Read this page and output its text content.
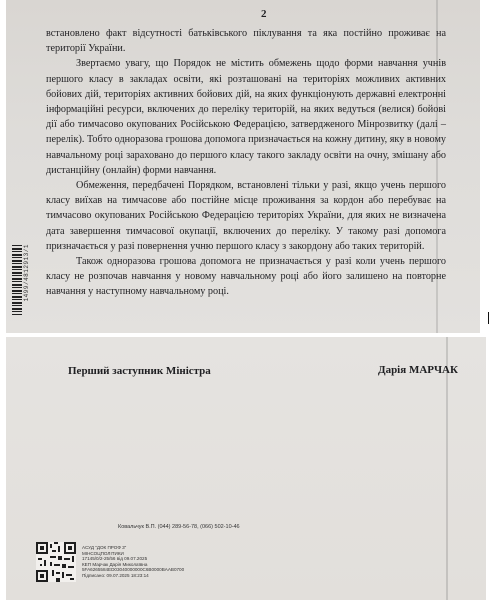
2

встановлено факт відсутності батьківського піклування та яка постійно проживає на території України.

Звертаємо увагу, що Порядок не містить обмежень щодо форми навчання учнів першого класу в закладах освіти, які розташовані на територіях можливих активних бойових дій, територіях активних бойових дій, на яких функціонують державні електронні інформаційні ресурси, включених до переліку територій, на яких ведуться (велися) бойові дії або тимчасово окупованих Російською Федерацією, затвердженого Мінрозвитку (далі – перелік). Тобто одноразова грошова допомога призначається на кожну дитину, яку в новому навчальному році зараховано до першого класу такого закладу освіти на очну, змішану або дистанційну (онлайн) форми навчання.

Обмеження, передбачені Порядком, встановлені тільки у разі, якщо учень першого класу виїхав на тимчасове або постійне місце проживання за кордон або перебуває на тимчасово окупованих Російською Федерацією територіях України, для яких не визначена дата завершення тимчасової окупації, включених до переліку. У такому разі допомога призначається у разі повернення учню першого класу з закордону або таких територій.

Також одноразова грошова допомога не призначається у разі коли учень першого класу не розпочав навчання у новому навчальному році або його залишено на повторне навчання у наступному навчальному році.

1499/4812913/1
Перший заступник Міністра	Дарія МАРЧАК
Ковальчук В.П. (044) 289-56-78, (066) 502-10-46
АСУД "ДОК ПРОФ 3"
МІНСОЦПОЛІТИКИ
17145/0/2-25/56 від 09.07.2025
КЕП Марчак Дарія Миколаївна
5FA6265584ED03040000000C6B0000BAAB0700
Підписано: 09.07.2025 18:23:14
